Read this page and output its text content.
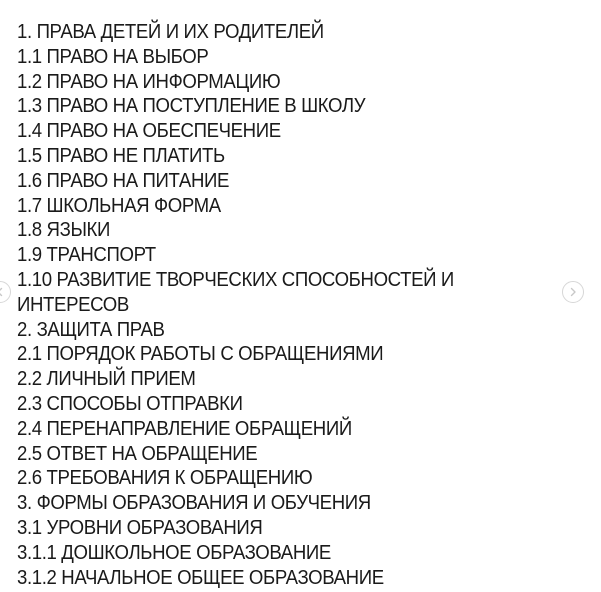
1. ПРАВА ДЕТЕЙ И ИХ РОДИТЕЛЕЙ
1.1 ПРАВО НА ВЫБОР
1.2 ПРАВО НА ИНФОРМАЦИЮ
1.3 ПРАВО НА ПОСТУПЛЕНИЕ В ШКОЛУ
1.4 ПРАВО НА ОБЕСПЕЧЕНИЕ
1.5 ПРАВО НЕ ПЛАТИТЬ
1.6 ПРАВО НА ПИТАНИЕ
1.7 ШКОЛЬНАЯ ФОРМА
1.8 ЯЗЫКИ
1.9 ТРАНСПОРТ
1.10 РАЗВИТИЕ ТВОРЧЕСКИХ СПОСОБНОСТЕЙ И
ИНТЕРЕСОВ
2. ЗАЩИТА ПРАВ
2.1 ПОРЯДОК РАБОТЫ С ОБРАЩЕНИЯМИ
2.2 ЛИЧНЫЙ ПРИЕМ
2.3 СПОСОБЫ ОТПРАВКИ
2.4 ПЕРЕНАПРАВЛЕНИЕ ОБРАЩЕНИЙ
2.5 ОТВЕТ НА ОБРАЩЕНИЕ
2.6 ТРЕБОВАНИЯ К ОБРАЩЕНИЮ
3. ФОРМЫ ОБРАЗОВАНИЯ И ОБУЧЕНИЯ
3.1 УРОВНИ ОБРАЗОВАНИЯ
3.1.1 ДОШКОЛЬНОЕ ОБРАЗОВАНИЕ
3.1.2 НАЧАЛЬНОЕ ОБЩЕЕ ОБРАЗОВАНИЕ
